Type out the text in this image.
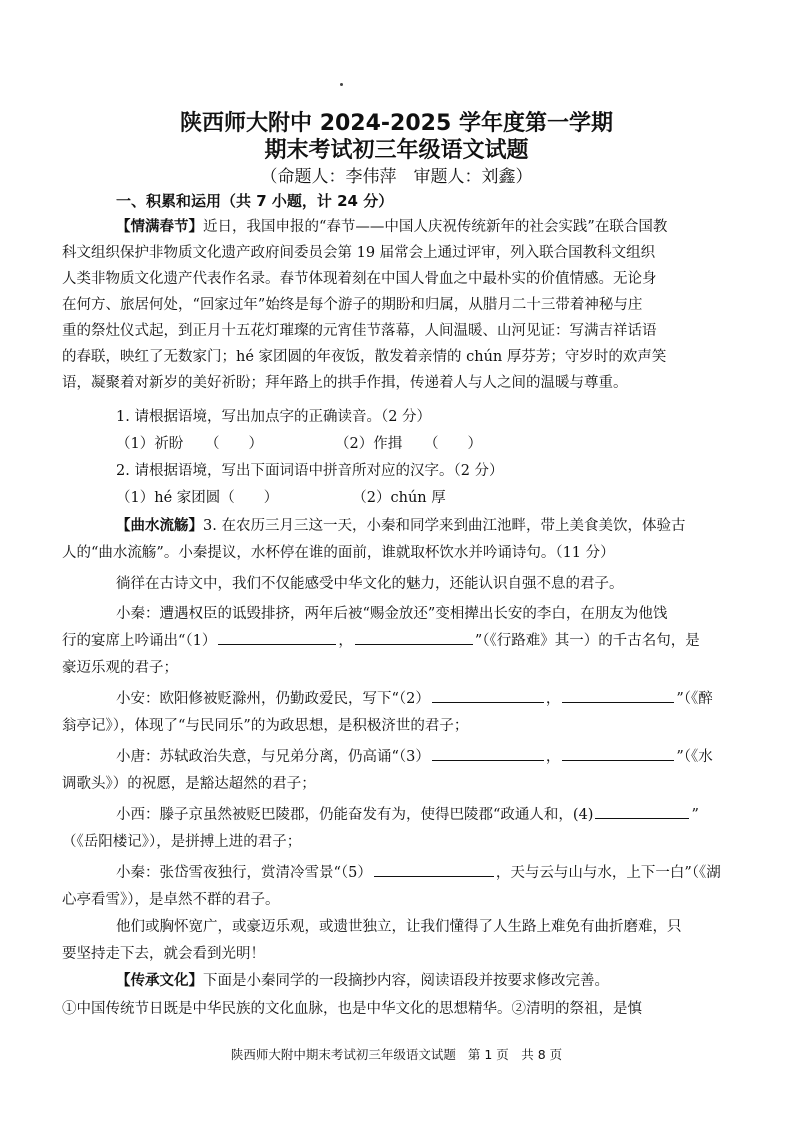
陕西师大附中 2024-2025 学年度第一学期
期末考试初三年级语文试题
（命题人：李伟萍　审题人：刘鑫）
一、积累和运用（共 7 小题，计 24 分）
【情满春节】近日，我国申报的“春节——中国人庆祝传统新年的社会实践”在联合国教
科文组织保护非物质文化遗产政府间委员会第 19 届常会上通过评审，列入联合国教科文组织
人类非物质文化遗产代表作名录。春节体现着刻在中国人骨血之中最朴实的价值情感。无论身
在何方、旅居何处，“回家过年”始终是每个游子的期盼和归属，从腊月二十三带着神秘与庄
重的祭灶仪式起，到正月十五花灯璀璨的元宵佳节落幕，人间温暖、山河见证：写满吉祥话语
的春联，映红了无数家门；hé 家团圆的年夜饭，散发着亲情的 chún 厚芬芳；守岁时的欢声笑
语，凝聚着对新岁的美好祈盼；拜年路上的拱手作揖，传递着人与人之间的温暖与尊重。
1. 请根据语境，写出加点字的正确读音。（2 分）
（1）祈盼　　（　　）	（2）作揖　　（　　）
2. 请根据语境，写出下面词语中拼音所对应的汉字。（2 分）
（1）hé 家团圆（　　）	（2）chún 厚
【曲水流觞】3. 在农历三月三这一天，小秦和同学来到曲江池畔，带上美食美饮，体验古
人的“曲水流觞”。小秦提议，水杯停在谁的面前，谁就取杯饮水并吟诵诗句。（11 分）
徜徉在古诗文中，我们不仅能感受中华文化的魅力，还能认识自强不息的君子。
小秦：遭遇权臣的诋毁排挤，两年后被“赐金放还”变相撵出长安的李白，在朋友为他饯
行的宴席上吟诵出“（1）	，	”（《行路难》其一）的千古名句，是
豪迈乐观的君子；
小安：欧阳修被贬滁州，仍勤政爱民，写下“（2）	，	”（《醉
翁亭记》），体现了“与民同乐”的为政思想，是积极济世的君子；
小唐：苏轼政治失意，与兄弟分离，仍高诵“（3）	，	”（《水
调歌头》）的祝愿，是豁达超然的君子；
小西：滕子京虽然被贬巴陵郡，仍能奋发有为，使得巴陵郡“政通人和，(4)	”
（《岳阳楼记》），是拼搏上进的君子；
小秦：张岱雪夜独行，赏清冷雪景“（5）	，天与云与山与水，上下一白”（《湖
心亭看雪》），是卓然不群的君子。
他们或胸怀宽广，或豪迈乐观，或遗世独立，让我们懂得了人生路上难免有曲折磨难，只
要坚持走下去，就会看到光明！
【传承文化】下面是小秦同学的一段摘抄内容，阅读语段并按要求修改完善。
①中国传统节日既是中华民族的文化血脉，也是中华文化的思想精华。②清明的祭祖，是慎
陕西师大附中期末考试初三年级语文试题 第 1 页　共 8 页
